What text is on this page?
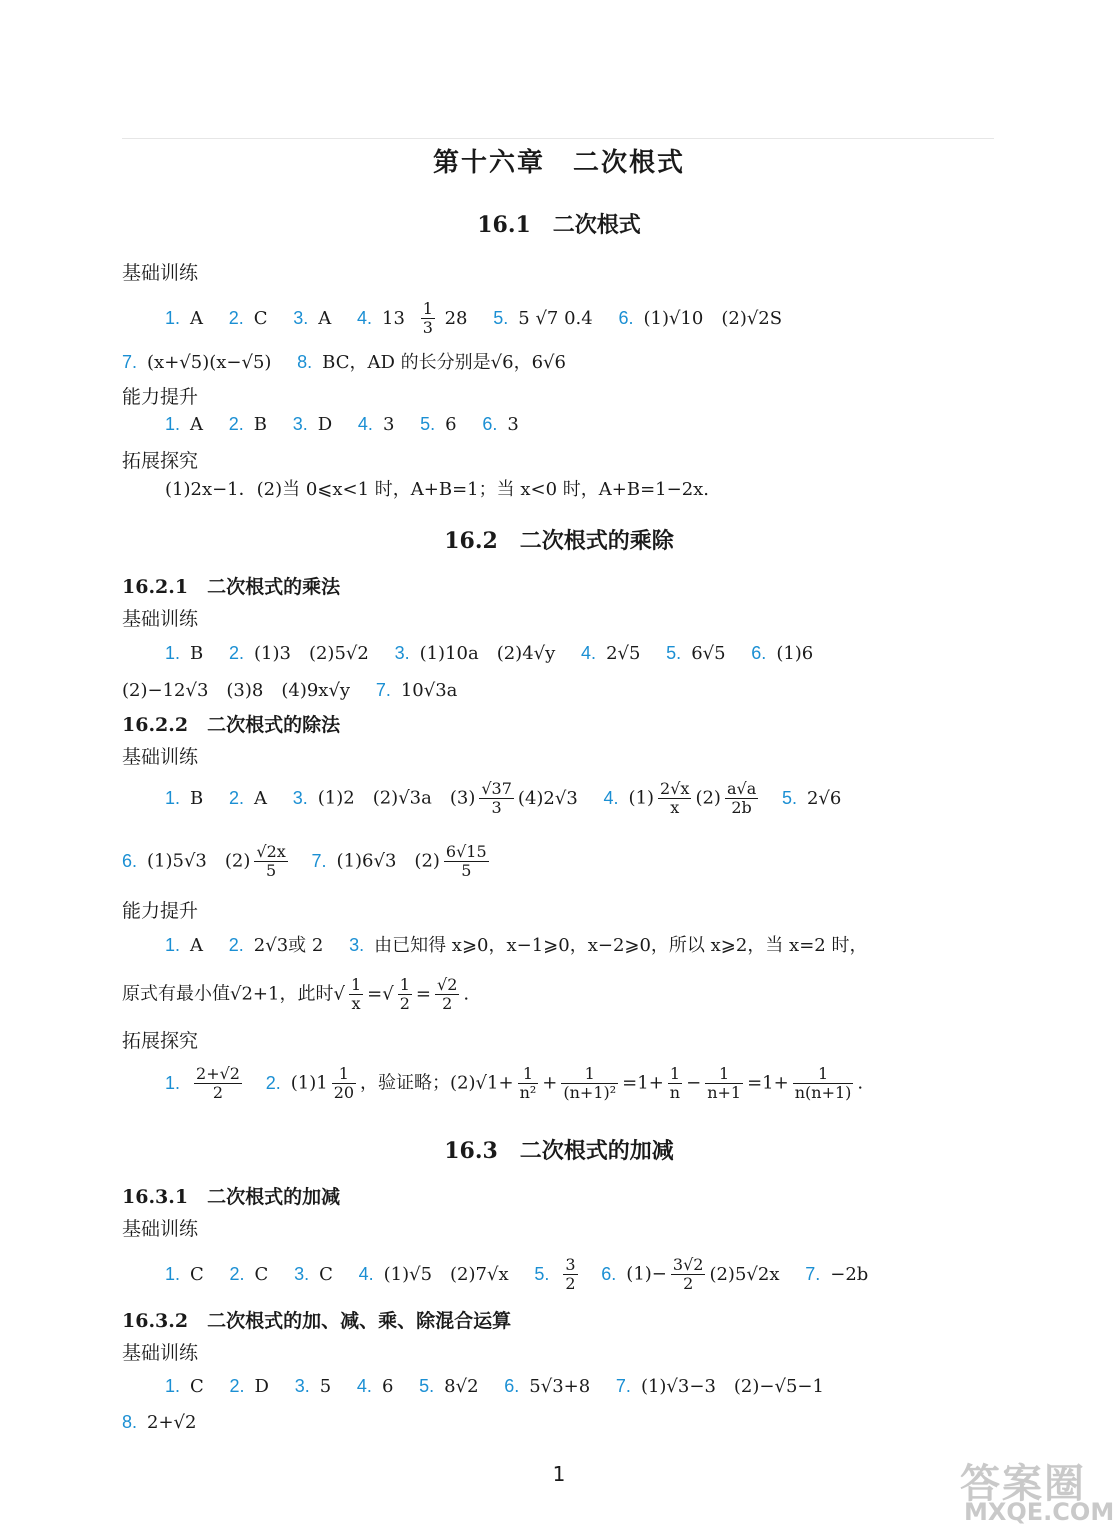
第十六章　二次根式
16.1　二次根式
基础训练
1. A 2. C 3. A 4. $13 \frac{1}{3} 28$ 5. 5 √7 0.4 6. (1)√10　(2)√2S
7. (x+√5)(x−√5) 8. BC，AD 的长分别是√6，6√6
能力提升
1. A 2. B 3. D 4. 3 5. 6 6. 3
拓展探究
(1)2x−1．(2)当 0⩽x<1 时，A+B=1；当 x<0 时，A+B=1−2x.
16.2　二次根式的乘除
16.2.1　二次根式的乘法
基础训练
1. B 2. (1)3　(2)5√2 3. (1)10a　(2)4√y 4. 2√5 5. 6√5 6. (1)6
(2)−12√3　(3)8　(4)9x√y 7. 10√3a
16.2.2　二次根式的除法
基础训练
1. B 2. A 3. (1)2　(2)√3a　$(3) \frac{√37}{3} (4)2√3$ 4. $(1) \frac{2√x}{x} (2) \frac{a√a}{2b} 5$. 2√6
6. (1)5√3　$(2) \frac{√2x}{5} 7$. (1)6√3　$(2) \frac{6√15}{5}$
能力提升
1. A 2. 2√3或 2 3. 由已知得 x⩾0，x−1⩾0，x−2⩾0，所以 x⩾2，当 x=2 时，
原式有最小值√2+1，此时√ $\frac{1}{x}$ =√ $\frac{1}{2} = \frac{√2}{2}$ .
拓展探究
1. $\frac{2+√2}{2} 2$. $(1)1 \frac{1}{20}$ ，验证略；$(2)√1+ \frac{1}{\text{n²}} + \frac{1}{\text{(n+1)²}} =1+ \frac{1}{n} - \frac{1}{n+1} =1+ \frac{1}{n(n+1)}$ .
16.3　二次根式的加减
16.3.1　二次根式的加减
基础训练
1. C 2. C 3. C 4. (1)√5　(2)7√x 5. $\frac{3}{2} 6$. $(1)- \frac{3√2}{2} (2)5√2x$ 7. −2b
16.3.2　二次根式的加、减、乘、除混合运算
基础训练
1. C 2. D 3. 5 4. 6 5. 8√2 6. 5√3+8 7. (1)√3−3　(2)−√5−1
8. 2+√2
1	答案圈
MXQE.COM
